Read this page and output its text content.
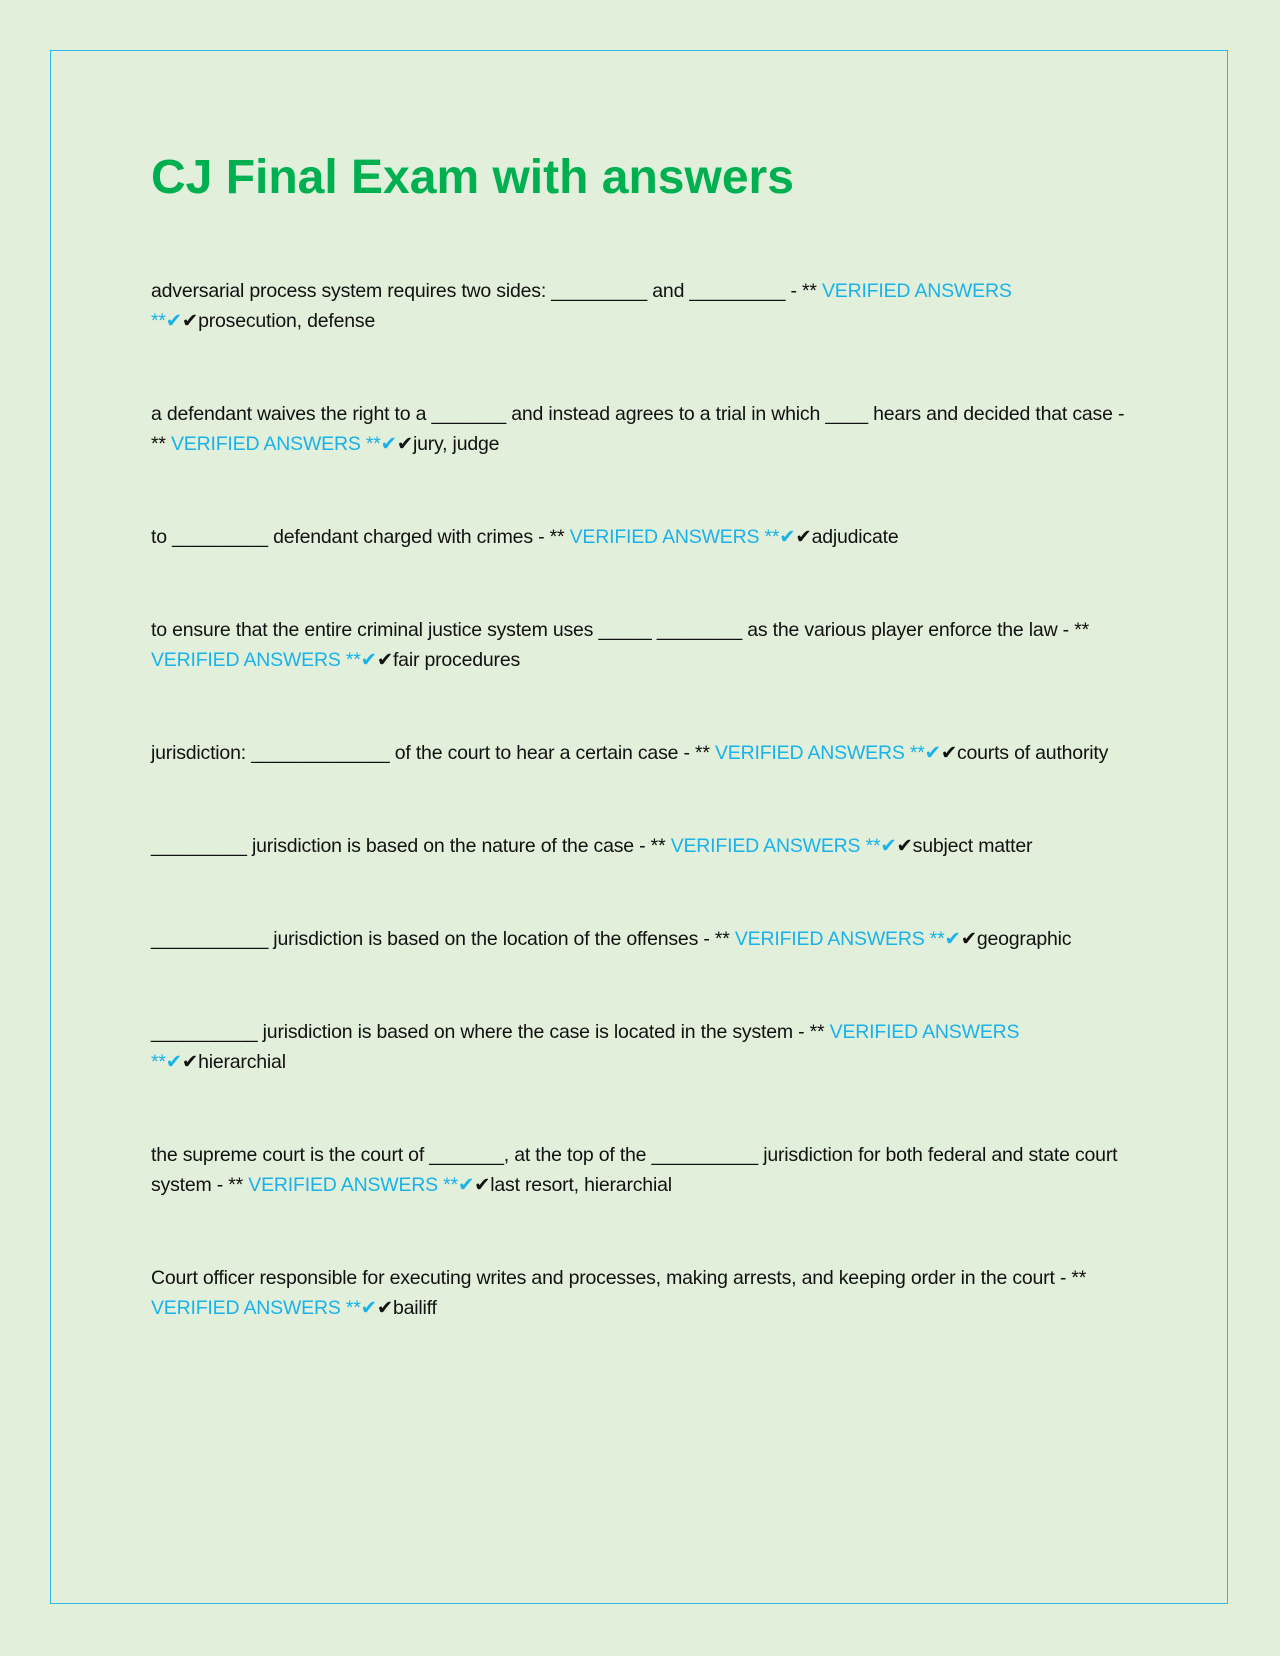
CJ Final Exam with answers
adversarial process system requires two sides: _________ and _________ - ** VERIFIED ANSWERS **✔✔prosecution, defense
a defendant waives the right to a _______ and instead agrees to a trial in which ____ hears and decided that case - ** VERIFIED ANSWERS **✔✔jury, judge
to _________ defendant charged with crimes - ** VERIFIED ANSWERS **✔✔adjudicate
to ensure that the entire criminal justice system uses _____ ________ as the various player enforce the law - ** VERIFIED ANSWERS **✔✔fair procedures
jurisdiction: _____________ of the court to hear a certain case - ** VERIFIED ANSWERS **✔✔courts of authority
_________ jurisdiction is based on the nature of the case - ** VERIFIED ANSWERS **✔✔subject matter
___________ jurisdiction is based on the location of the offenses - ** VERIFIED ANSWERS **✔✔geographic
__________ jurisdiction is based on where the case is located in the system - ** VERIFIED ANSWERS **✔✔hierarchial
the supreme court is the court of _______, at the top of the __________ jurisdiction for both federal and state court system - ** VERIFIED ANSWERS **✔✔last resort, hierarchial
Court officer responsible for executing writes and processes, making arrests, and keeping order in the court - ** VERIFIED ANSWERS **✔✔bailiff
